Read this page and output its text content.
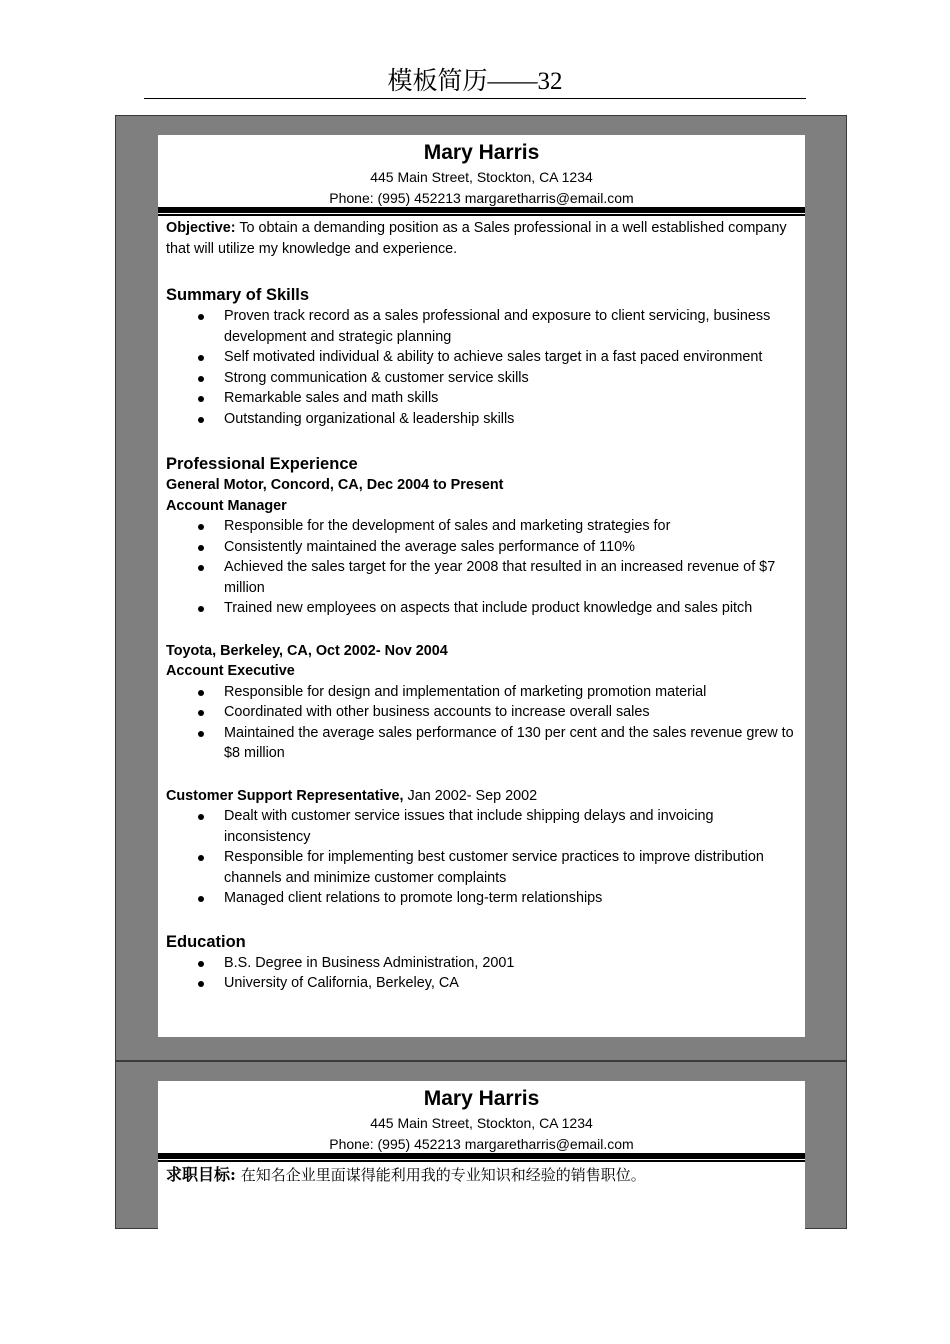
模板简历——32
Mary Harris
445 Main Street, Stockton, CA 1234
Phone: (995) 452213 margaretharris@email.com

Objective: To obtain a demanding position as a Sales professional in a well established company that will utilize my knowledge and experience.

Summary of Skills
Proven track record as a sales professional and exposure to client servicing, business development and strategic planning
Self motivated individual & ability to achieve sales target in a fast paced environment
Strong communication & customer service skills
Remarkable sales and math skills
Outstanding organizational & leadership skills
Professional Experience

General Motor, Concord, CA, Dec 2004 to Present

Account Manager

Responsible for the development of sales and marketing strategies for
Consistently maintained the average sales performance of 110%
Achieved the sales target for the year 2008 that resulted in an increased revenue of $7 million
Trained new employees on aspects that include product knowledge and sales pitch

Toyota, Berkeley, CA, Oct 2002- Nov 2004

Account Executive

Responsible for design and implementation of marketing promotion material
Coordinated with other business accounts to increase overall sales
Maintained the average sales performance of 130 per cent and the sales revenue grew to $8 million

Customer Support Representative, Jan 2002- Sep 2002

Dealt with customer service issues that include shipping delays and invoicing inconsistency
Responsible for implementing best customer service practices to improve distribution channels and minimize customer complaints
Managed client relations to promote long-term relationships
Education
B.S. Degree in Business Administration, 2001
University of California, Berkeley, CA
Mary Harris
445 Main Street, Stockton, CA 1234
Phone: (995) 452213 margaretharris@email.com

求职目标: 在知名企业里面谋得能利用我的专业知识和经验的销售职位。
